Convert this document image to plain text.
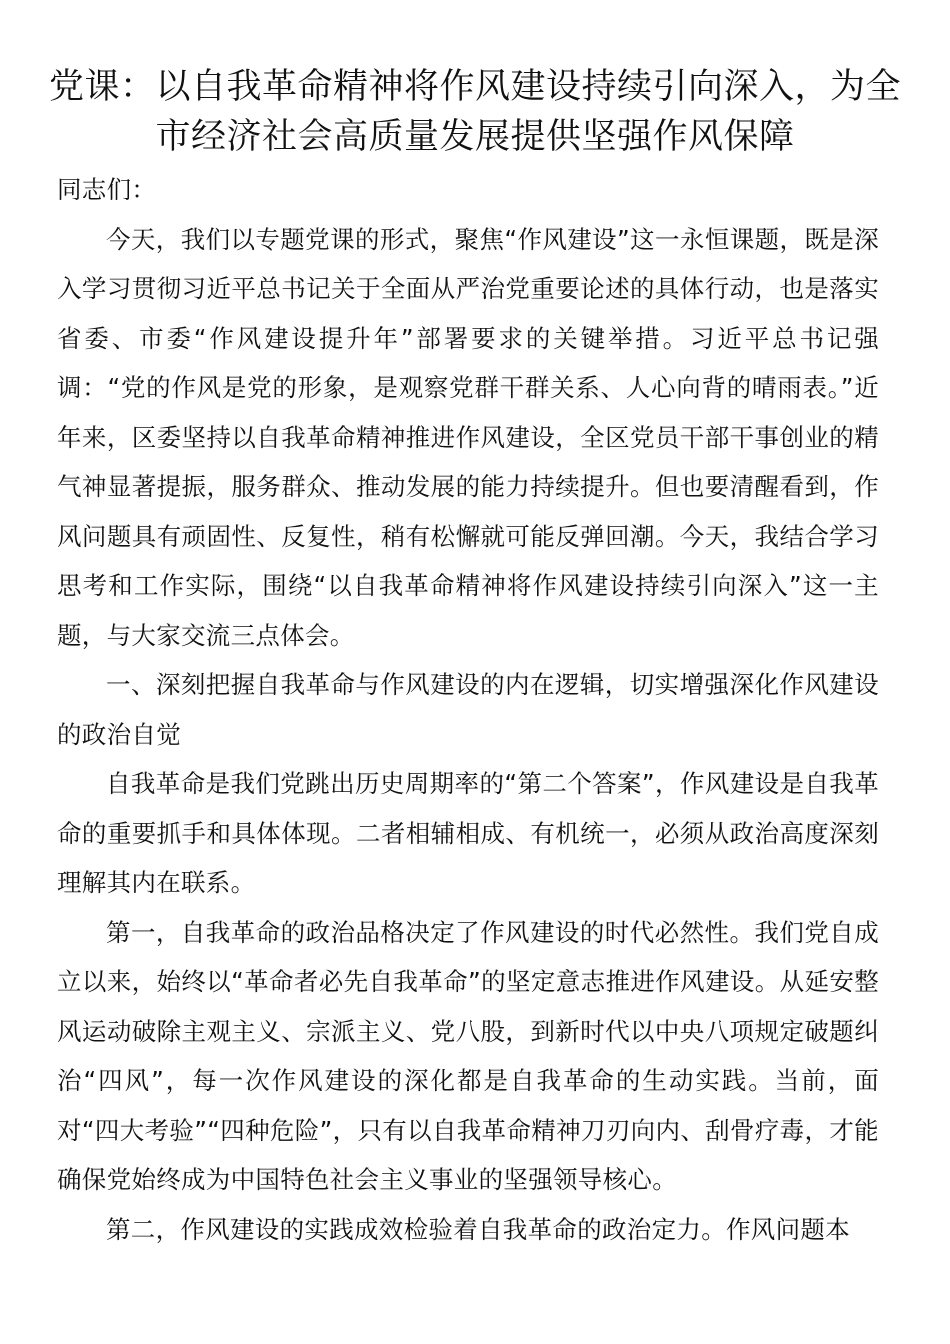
党课：以自我革命精神将作风建设持续引向深入，为全市经济社会高质量发展提供坚强作风保障

同志们：

今天，我们以专题党课的形式，聚焦“作风建设”这一永恒课题，既是深入学习贯彻习近平总书记关于全面从严治党重要论述的具体行动，也是落实省委、市委“作风建设提升年”部署要求的关键举措。习近平总书记强调：“党的作风是党的形象，是观察党群干群关系、人心向背的晴雨表。”近年来，区委坚持以自我革命精神推进作风建设，全区党员干部干事创业的精气神显著提振，服务群众、推动发展的能力持续提升。但也要清醒看到，作风问题具有顽固性、反复性，稍有松懈就可能反弹回潮。今天，我结合学习思考和工作实际，围绕“以自我革命精神将作风建设持续引向深入”这一主题，与大家交流三点体会。

一、深刻把握自我革命与作风建设的内在逻辑，切实增强深化作风建设的政治自觉

自我革命是我们党跳出历史周期率的“第二个答案”，作风建设是自我革命的重要抓手和具体体现。二者相辅相成、有机统一，必须从政治高度深刻理解其内在联系。

第一，自我革命的政治品格决定了作风建设的时代必然性。我们党自成立以来，始终以“革命者必先自我革命”的坚定意志推进作风建设。从延安整风运动破除主观主义、宗派主义、党八股，到新时代以中央八项规定破题纠治“四风”，每一次作风建设的深化都是自我革命的生动实践。当前，面对“四大考验”“四种危险”，只有以自我革命精神刀刃向内、刮骨疗毒，才能确保党始终成为中国特色社会主义事业的坚强领导核心。

第二，作风建设的实践成效检验着自我革命的政治定力。作风问题本
